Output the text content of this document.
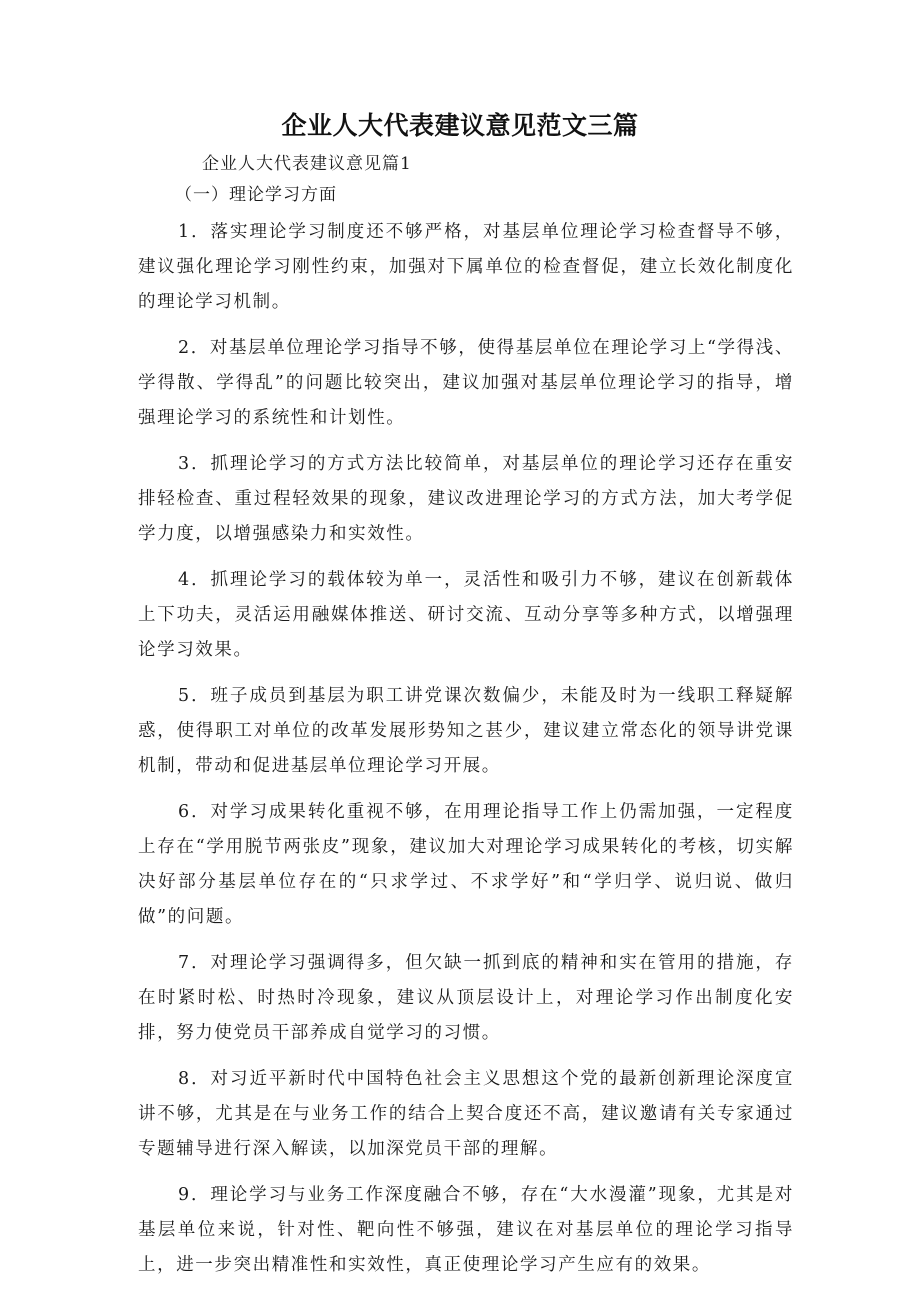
企业人大代表建议意见范文三篇

企业人大代表建议意见篇1

（一）理论学习方面

1．落实理论学习制度还不够严格，对基层单位理论学习检查督导不够，建议强化理论学习刚性约束，加强对下属单位的检查督促，建立长效化制度化的理论学习机制。

2．对基层单位理论学习指导不够，使得基层单位在理论学习上“学得浅、学得散、学得乱”的问题比较突出，建议加强对基层单位理论学习的指导，增强理论学习的系统性和计划性。

3．抓理论学习的方式方法比较简单，对基层单位的理论学习还存在重安排轻检查、重过程轻效果的现象，建议改进理论学习的方式方法，加大考学促学力度，以增强感染力和实效性。

4．抓理论学习的载体较为单一，灵活性和吸引力不够，建议在创新载体上下功夫，灵活运用融媒体推送、研讨交流、互动分享等多种方式，以增强理论学习效果。

5．班子成员到基层为职工讲党课次数偏少，未能及时为一线职工释疑解惑，使得职工对单位的改革发展形势知之甚少，建议建立常态化的领导讲党课机制，带动和促进基层单位理论学习开展。

6．对学习成果转化重视不够，在用理论指导工作上仍需加强，一定程度上存在“学用脱节两张皮”现象，建议加大对理论学习成果转化的考核，切实解决好部分基层单位存在的“只求学过、不求学好”和“学归学、说归说、做归做”的问题。

7．对理论学习强调得多，但欠缺一抓到底的精神和实在管用的措施，存在时紧时松、时热时冷现象，建议从顶层设计上，对理论学习作出制度化安排，努力使党员干部养成自觉学习的习惯。

8．对习近平新时代中国特色社会主义思想这个党的最新创新理论深度宣讲不够，尤其是在与业务工作的结合上契合度还不高，建议邀请有关专家通过专题辅导进行深入解读，以加深党员干部的理解。

9．理论学习与业务工作深度融合不够，存在“大水漫灌”现象，尤其是对基层单位来说，针对性、靶向性不够强，建议在对基层单位的理论学习指导上，进一步突出精准性和实效性，真正使理论学习产生应有的效果。
